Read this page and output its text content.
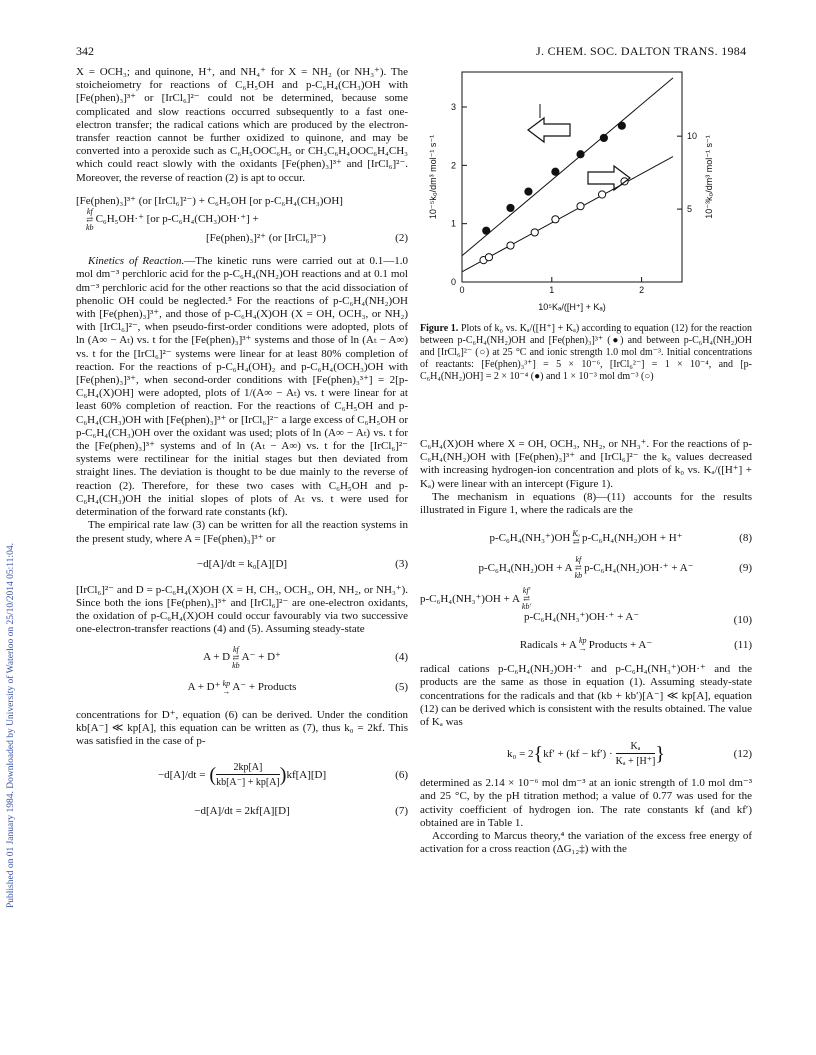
342	J. CHEM. SOC. DALTON TRANS. 1984
Published on 01 January 1984. Downloaded by University of Waterloo on 25/10/2014 05:11:04.

X = OCH₃; and quinone, H⁺, and NH₄⁺ for X = NH₂ (or NH₃⁺). The stoicheiometry for reactions of C₆H₅OH and p-C₆H₄(CH₃)OH with [Fe(phen)₃]³⁺ or [IrCl₆]²⁻ could not be determined, because some complicated and slow reactions occurred subsequently to a fast one-electron transfer; the radical cations which are produced by the electron-transfer reaction cannot be further oxidized to quinone, and may be converted into a peroxide such as C₆H₅OOC₆H₅ or CH₃C₆H₄OOC₆H₄CH₃ which could react slowly with the oxidants [Fe(phen)₃]³⁺ and [IrCl₆]²⁻. Moreover, the reverse of reaction (2) is apt to occur.

[Fe(phen)₃]³⁺ (or [IrCl₆]²⁻) + C₆H₅OH [or p-C₆H₄(CH₃)OH]
kf
⇄
kb
C₆H₅OH·⁺ [or p-C₆H₄(CH₃)OH·⁺] +
[Fe(phen)₃]²⁺ (or [IrCl₆]³⁻)	(2)

Kinetics of Reaction.—The kinetic runs were carried out at 0.1—1.0 mol dm⁻³ perchloric acid for the p-C₆H₄(NH₂)OH reactions and at 0.1 mol dm⁻³ perchloric acid for the other reactions so that the acid dissociation of phenolic OH could be neglected.⁵ For the reactions of p-C₆H₄(NH₂)OH with [Fe(phen)₃]³⁺, and those of p-C₆H₄(X)OH (X = OH, OCH₃, or NH₂) with [IrCl₆]²⁻, when pseudo-first-order conditions were adopted, plots of ln (A∞ − Aₜ) vs. t for the [Fe(phen)₃]³⁺ systems and those of ln (Aₜ − A∞) vs. t for the [IrCl₆]²⁻ systems were linear for at least 80% completion of reaction. For the reactions of p-C₆H₄(OH)₂ and p-C₆H₄(OCH₃)OH with [Fe(phen)₃]³⁺, when second-order conditions with [Fe(phen)₃³⁺] = 2[p-C₆H₄(X)OH] were adopted, plots of 1/(A∞ − Aₜ) vs. t were linear for at least 60% completion of reaction. For the reactions of C₆H₅OH and p-C₆H₄(CH₃)OH with [Fe(phen)₃]³⁺ or [IrCl₆]²⁻ a large excess of C₆H₅OH or p-C₆H₄(CH₃)OH over the oxidant was used; plots of ln (A∞ − Aₜ) vs. t for the [Fe(phen)₃]³⁺ systems and of ln (Aₜ − A∞) vs. t for the [IrCl₆]²⁻ systems were rectilinear for the initial stages but then deviated from straight lines. The deviation is thought to be due mainly to the reverse of reaction (2). Therefore, for these two cases with C₆H₅OH and p-C₆H₄(CH₃)OH the initial slopes of plots of Aₜ vs. t were used for determination of the forward rate constants (kf).

The empirical rate law (3) can be written for all the reaction systems in the present study, where A = [Fe(phen)₃]³⁺ or

−d[A]/dt = k₀[A][D]	(3)

[IrCl₆]²⁻ and D = p-C₆H₄(X)OH (X = H, CH₃, OCH₃, OH, NH₂, or NH₃⁺). Since both the ions [Fe(phen)₃]³⁺ and [IrCl₆]²⁻ are one-electron oxidants, the oxidation of p-C₆H₄(X)OH could occur favourably via two successive one-electron-transfer reactions (4) and (5). Assuming steady-state

A + D
kf
⇄
kb
A⁻ + D⁺	(4)
A + D⁺ kp
→ A⁻ + Products	(5)

concentrations for D⁺, equation (6) can be derived. Under the condition kb[A⁻] ≪ kp[A], this equation can be written as (7), thus k₀ = 2kf. This was satisfied in the case of p-

−d[A]/dt = ( $\frac{2kp[A]}{kb[A^-] + kp[A]}$ ) kf[A][D]	(6)
−d[A]/dt = 2kf[A][D]	(7)
0	1	2
1
2
3
0
5
10
10⁵Kₐ/([H⁺] + Kₐ)
10⁻⁵k₀/dm³ mol⁻¹ s⁻¹	10⁻³k₀/dm³ mol⁻¹ s⁻¹
Figure 1. Plots of k₀ vs. Kₐ/([H⁺] + Kₐ) according to equation (12) for the reaction between p-C₆H₄(NH₂)OH and [Fe(phen)₃]³⁺ (●) and between p-C₆H₄(NH₂)OH and [IrCl₆]²⁻ (○) at 25 °C and ionic strength 1.0 mol dm⁻³. Initial concentrations of reactants: [Fe(phen)₃³⁺] = 5 × 10⁻⁶, [IrCl₆²⁻] = 1 × 10⁻⁴, and [p-C₆H₄(NH₂)OH] = 2 × 10⁻⁴ (●) and 1 × 10⁻³ mol dm⁻³ (○)

C₆H₄(X)OH where X = OH, OCH₃, NH₂, or NH₃⁺. For the reactions of p-C₆H₄(NH₂)OH with [Fe(phen)₃]³⁺ and [IrCl₆]²⁻ the k₀ values decreased with increasing hydrogen-ion concentration and plots of k₀ vs. Kₐ/([H⁺] + Kₐ) were linear with an intercept (Figure 1).

The mechanism in equations (8)—(11) accounts for the results illustrated in Figure 1, where the radicals are the

p-C₆H₄(NH₃⁺)OH Kₐ
⇄ p-C₆H₄(NH₂)OH + H⁺	(8)
p-C₆H₄(NH₂)OH + A
kf
⇄
kb
p-C₆H₄(NH₂)OH·⁺ + A⁻	(9)
p-C₆H₄(NH₃⁺)OH + A
kf′
⇄
kb′
p-C₆H₄(NH₃⁺)OH·⁺ + A⁻	(10)
Radicals + A kp
→ Products + A⁻	(11)

radical cations p-C₆H₄(NH₂)OH·⁺ and p-C₆H₄(NH₃⁺)OH·⁺ and the products are the same as those in equation (1). Assuming steady-state concentrations for the radicals and that (kb + kb′)[A⁻] ≪ kp[A], equation (12) can be derived which is consistent with the results obtained. The value of Kₐ was

k₀ = 2 { $kf' + (kf - kf') \cdot \frac{\text{Kₐ}}{\text{Kₐ + [H⁺]}}$ }	(12)

determined as 2.14 × 10⁻⁶ mol dm⁻³ at an ionic strength of 1.0 mol dm⁻³ and 25 °C, by the pH titration method; a value of 0.77 was used for the activity coefficient of hydrogen ion. The rate constants kf (and kf′) obtained are in Table 1.

According to Marcus theory,⁴ the variation of the excess free energy of activation for a cross reaction (ΔG₁₂‡) with the
